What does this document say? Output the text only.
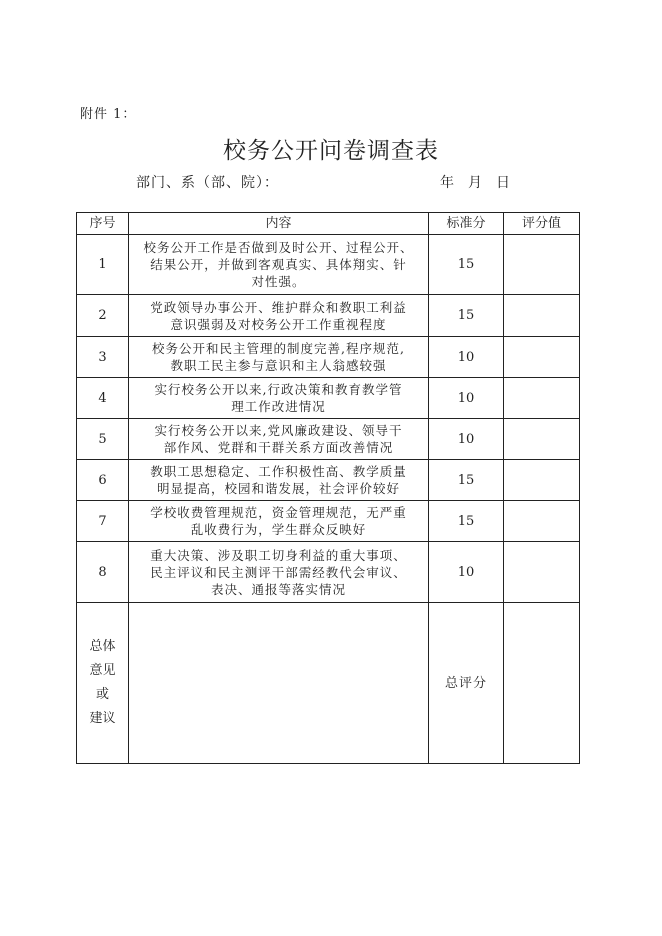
附件 1：
校务公开问卷调查表
部门、系（部、院）：	年　月　日
序号	内容	标准分	评分值
1	校务公开工作是否做到及时公开、过程公开、
结果公开，并做到客观真实、具体翔实、针
对性强。	15	
2	党政领导办事公开、维护群众和教职工利益
意识强弱及对校务公开工作重视程度	15	
3	校务公开和民主管理的制度完善,程序规范,
教职工民主参与意识和主人翁感较强	10	
4	实行校务公开以来,行政决策和教育教学管
理工作改进情况	10	
5	实行校务公开以来,党风廉政建设、领导干
部作风、党群和干群关系方面改善情况	10	
6	教职工思想稳定、工作积极性高、教学质量
明显提高，校园和谐发展，社会评价较好	15	
7	学校收费管理规范，资金管理规范，无严重
乱收费行为，学生群众反映好	15	
8	重大决策、涉及职工切身利益的重大事项、
民主评议和民主测评干部需经教代会审议、
表决、通报等落实情况	10	

总体
意见
或
建议		总评分	
